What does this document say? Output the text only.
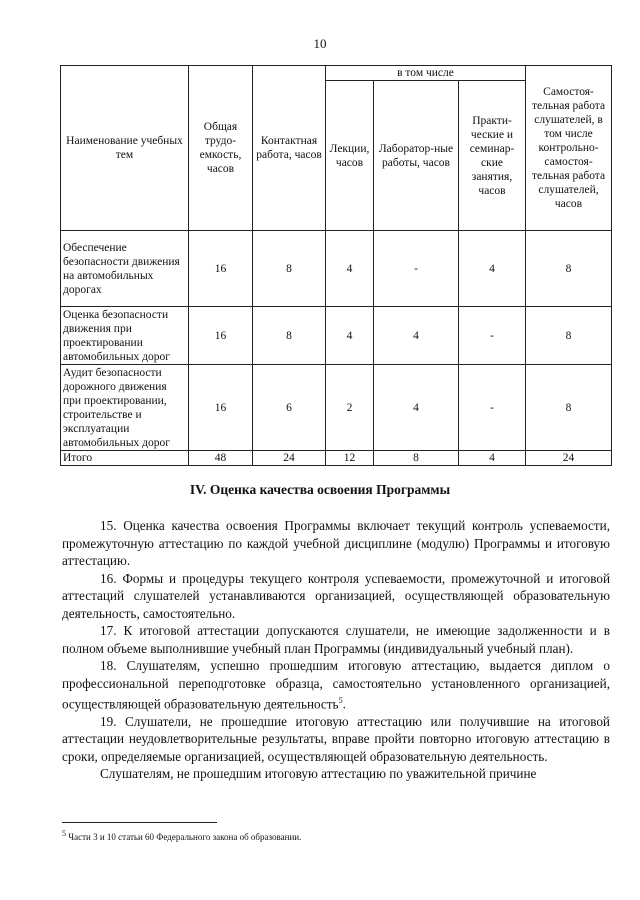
10
Наименование учебных тем	Общая трудо-емкость, часов	Контактная работа, часов	в том числе			Самостоя-тельная работа слушателей, в том числе контрольно-самостоя-тельная работа слушателей, часов
			Лекции, часов	Лаборатор-ные работы, часов	Практи-ческие и семинар-ские занятия, часов	
Обеспечение безопасности движения на автомобильных дорогах	16	8	4	-	4	8
Оценка безопасности движения при проектировании автомобильных дорог	16	8	4	4	-	8
Аудит безопасности дорожного движения при проектировании, строительстве и эксплуатации автомобильных дорог	16	6	2	4	-	8
Итого	48	24	12	8	4	24
IV. Оценка качества освоения Программы

15. Оценка качества освоения Программы включает текущий контроль успеваемости, промежуточную аттестацию по каждой учебной дисциплине (модулю) Программы и итоговую аттестацию.

16. Формы и процедуры текущего контроля успеваемости, промежуточной и итоговой аттестаций слушателей устанавливаются организацией, осуществляющей образовательную деятельность, самостоятельно.

17. К итоговой аттестации допускаются слушатели, не имеющие задолженности и в полном объеме выполнившие учебный план Программы (индивидуальный учебный план).

18. Слушателям, успешно прошедшим итоговую аттестацию, выдается диплом о профессиональной переподготовке образца, самостоятельно установленного организацией, осуществляющей образовательную деятельность$^5$.

19. Слушатели, не прошедшие итоговую аттестацию или получившие на итоговой аттестации неудовлетворительные результаты, вправе пройти повторно итоговую аттестацию в сроки, определяемые организацией, осуществляющей образовательную деятельность.

Слушателям, не прошедшим итоговую аттестацию по уважительной причине

$^5$ Части 3 и 10 статьи 60 Федерального закона об образовании.
